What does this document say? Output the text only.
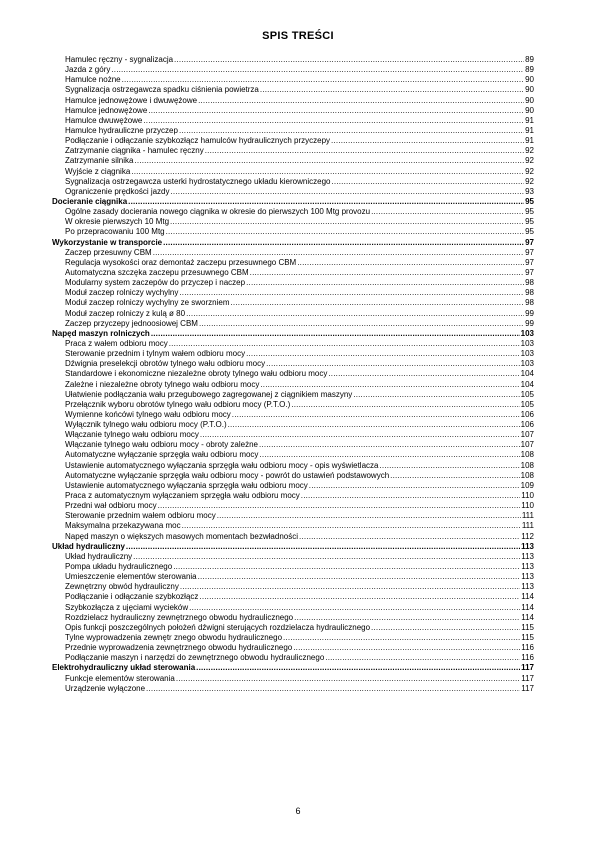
SPIS TREŚCI
Hamulec ręczny - sygnalizacja .....	89
Jazda z góry .....	89
Hamulce nożne .....	90
Sygnalizacja ostrzegawcza spadku ciśnienia powietrza .....	90
Hamulce jednowężowe i dwuwężowe .....	90
Hamulce jednowężowe .....	90
Hamulce dwuwężowe .....	91
Hamulce hydrauliczne przyczep .....	91
Podłączanie i odłączanie szybkozłącz hamulców hydraulicznych przyczepy .....	91
Zatrzymanie ciągnika - hamulec ręczny .....	92
Zatrzymanie silnika .....	92
Wyjście z ciągnika .....	92
Sygnalizacja ostrzegawcza usterki hydrostatycznego układu kierowniczego .....	92
Ograniczenie prędkości jazdy .....	93
Docieranie ciągnika .....	95
Ogólne zasady docierania nowego ciągnika w okresie do pierwszych 100 Mtg provozu .....	95
W okresie pierwszych 10 Mtg .....	95
Po przepracowaniu 100 Mtg .....	95
Wykorzystanie w transporcie .....	97
Zaczep przesuwny CBM .....	97
Regulacja wysokości oraz demontaż zaczepu przesuwnego CBM .....	97
Automatyczna szczęka zaczepu przesuwnego CBM .....	97
Modularny system zaczepów do przyczep i naczep .....	98
Moduł zaczep rolniczy wychylny .....	98
Moduł zaczep rolniczy wychylny ze sworzniem .....	98
Moduł zaczep rolniczy z kulą ø 80 .....	99
Zaczep przyczepy jednoosiowej CBM .....	99
Napęd maszyn rolniczych .....	103
Praca z wałem odbioru mocy .....	103
Sterowanie przednim i tylnym wałem odbioru mocy .....	103
Dźwignia preselekcji obrotów tylnego wału odbioru mocy .....	103
Standardowe i ekonomiczne niezależne obroty tylnego wału odbioru mocy .....	104
Zależne i niezależne obroty tylnego wału odbioru mocy .....	104
Ułatwienie podłączania wału przegubowego zagregowanej z ciągnikiem maszyny .....	105
Przełącznik wyboru obrotów tylnego wału odbioru mocy (P.T.O.) .....	105
Wymienne końcówi tylnego wału odbioru mocy .....	106
Wyłącznik tylnego wału odbioru mocy (P.T.O.) .....	106
Włączanie tylnego wału odbioru mocy .....	107
Włączanie tylnego wału odbioru mocy - obroty zależne .....	107
Automatyczne wyłączanie sprzęgła wału odbioru mocy .....	108
Ustawienie automatycznego wyłączania sprzęgła wału odbioru mocy - opis wyświetlacza .....	108
Automatyczne wyłączanie sprzęgła wału odbioru mocy - powrót do ustawień podstawowych .....	108
Ustawienie automatycznego wyłączania sprzęgła wału odbioru mocy .....	109
Praca z automatycznym wyłączaniem sprzęgła wału odbioru mocy .....	110
Przedni wał odbioru mocy .....	110
Sterowanie przednim wałem odbioru mocy .....	111
Maksymalna przekazywana moc .....	111
Napęd maszyn o większych masowych momentach bezwładności .....	112
Układ hydrauliczny .....	113
Układ hydrauliczny .....	113
Pompa układu hydraulicznego .....	113
Umieszczenie elementów sterowania .....	113
Zewnętrzny obwód hydrauliczny .....	113
Podłączanie i odłączanie szybkozłącz .....	114
Szybkozłącza z ujęciami wycieków .....	114
Rozdzielacz hydrauliczny zewnętrznego obwodu hydraulicznego .....	114
Opis funkcji poszczególnych położeń dźwigni sterujących rozdzielacza hydraulicznego .....	115
Tylne wyprowadzenia zewnętr znego obwodu hydraulicznego .....	115
Przednie wyprowadzenia zewnętrznego obwodu hydraulicznego .....	116
Podłączanie maszyn i narzędzi do zewnętrznego obwodu hydraulicznego .....	116
Elektrohydrauliczny układ sterowania .....	117
Funkcje elementów sterowania .....	117
Urządzenie wyłączone .....	117
6
